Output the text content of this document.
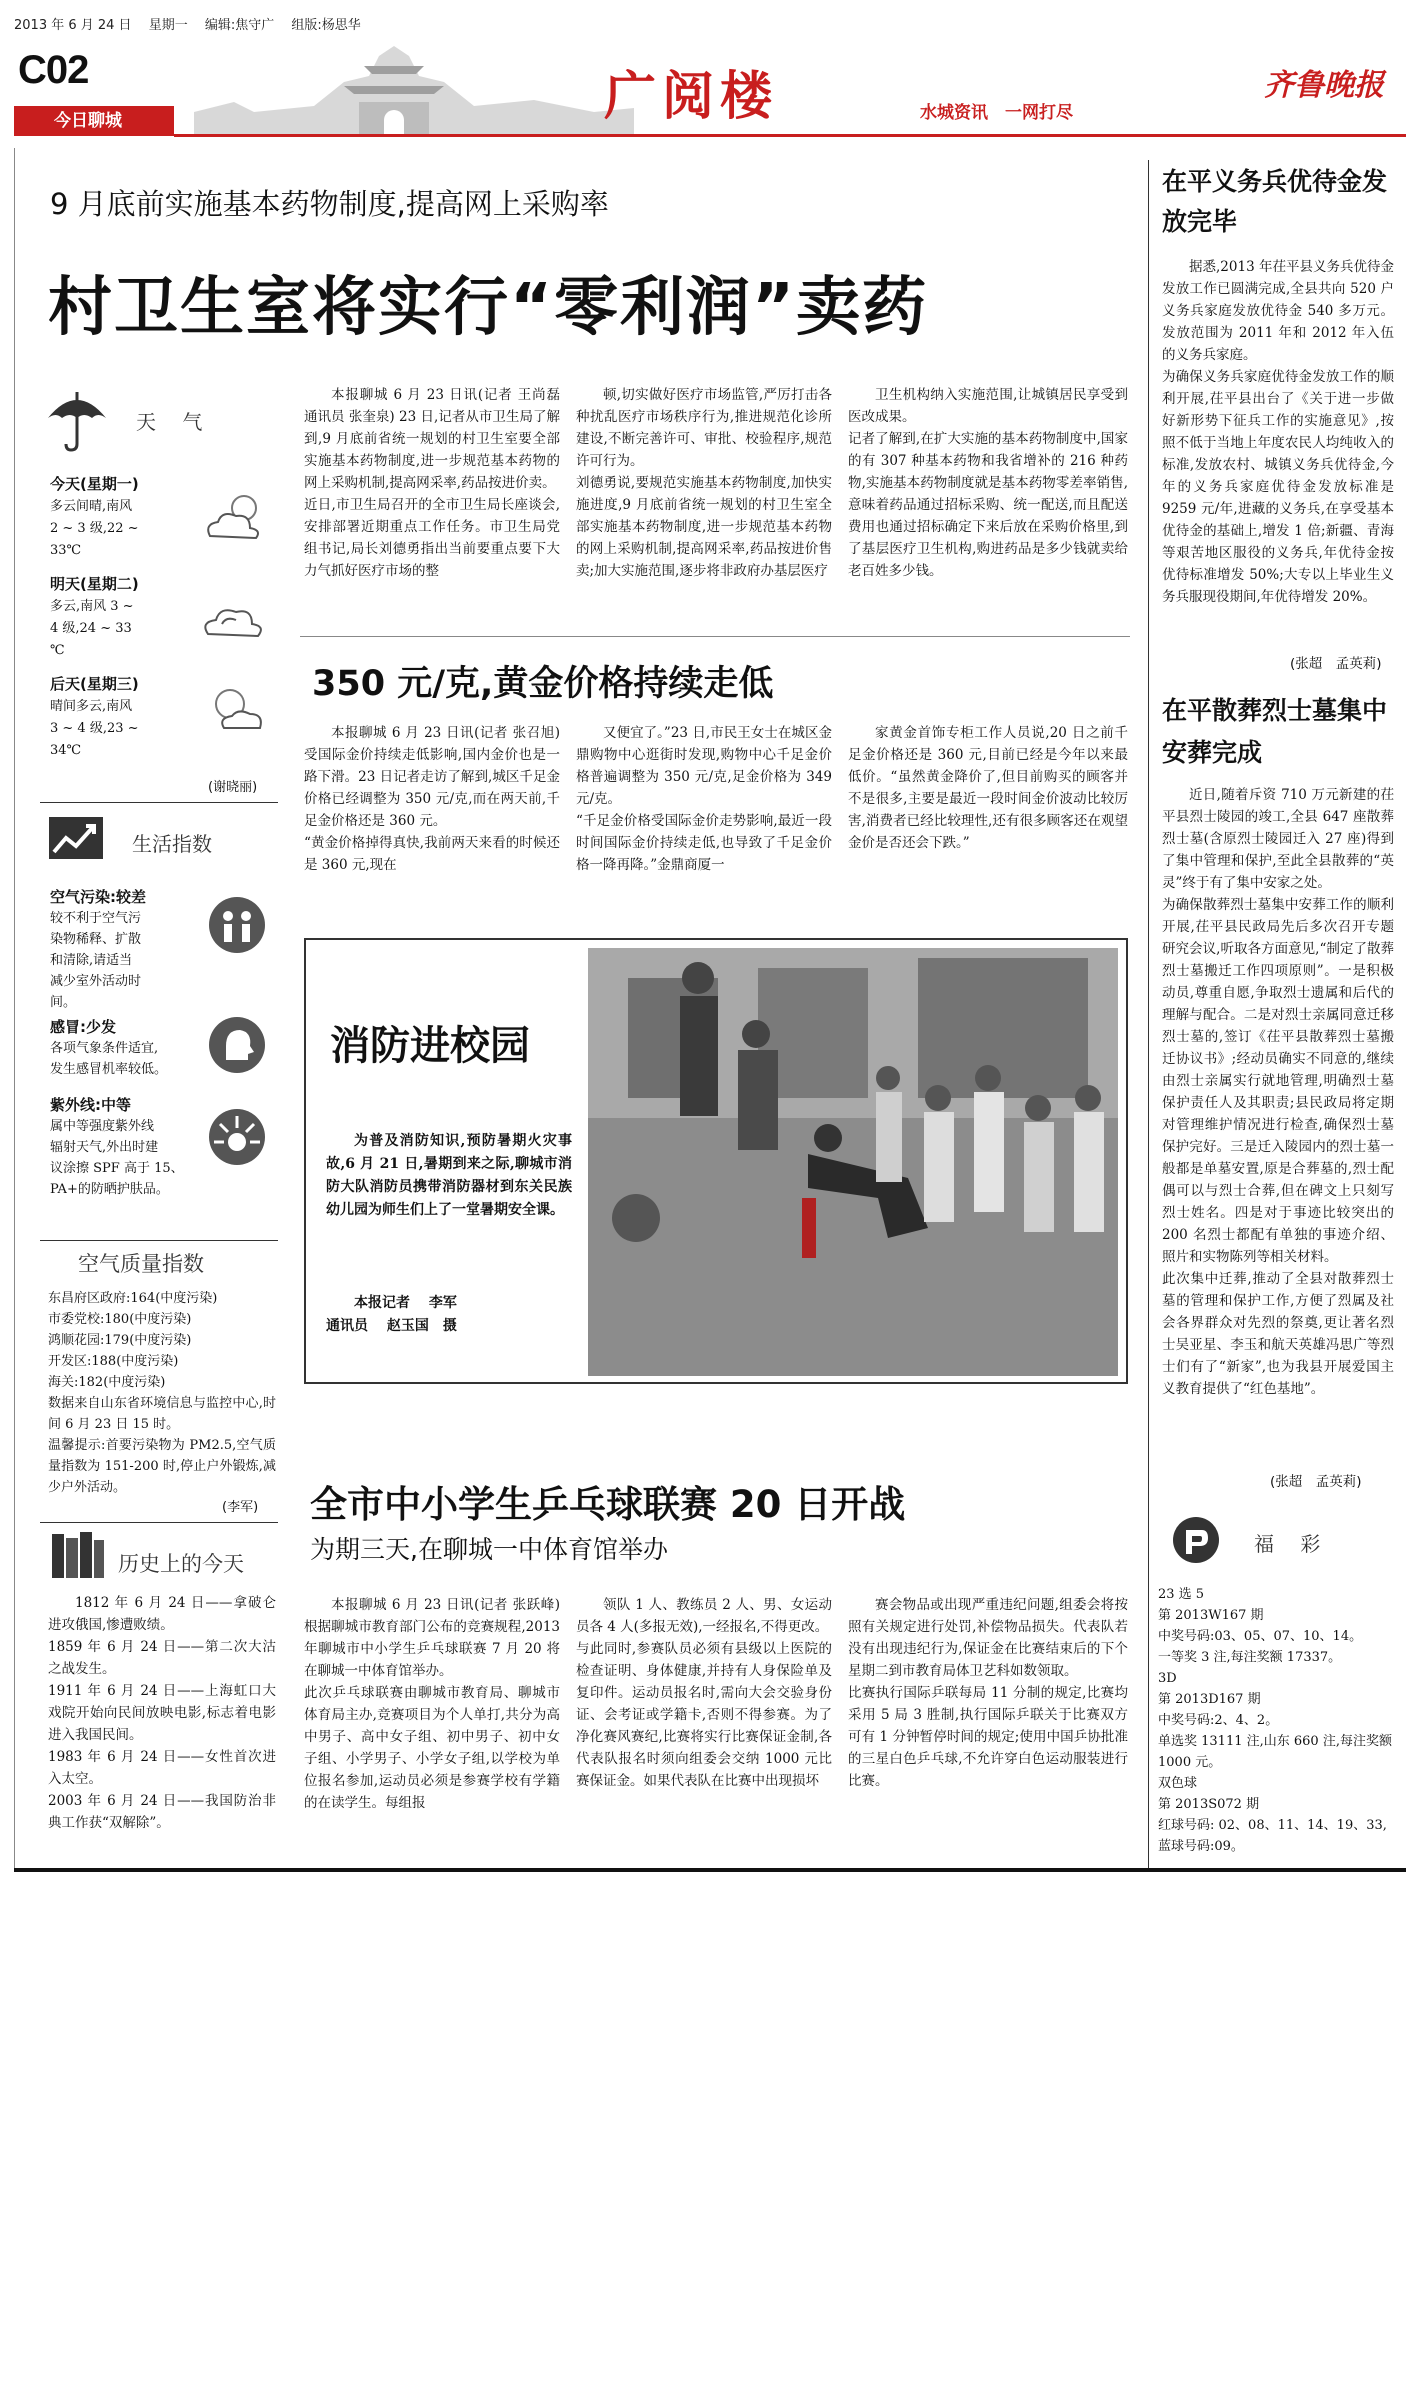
2013 年 6 月 24 日　 星期一　 编辑:焦守广　 组版:杨思华
C02
今日聊城	广阅楼	水城资讯　一网打尽
齐鲁晚报
9 月底前实施基本药物制度,提高网上采购率
村卫生室将实行“零利润”卖药
天　 气
今天(星期一)
多云间晴,南风
2 ~ 3 级,22 ~
33℃
明天(星期二)
多云,南风 3 ~
4 级,24 ~ 33
℃
后天(星期三)
晴间多云,南风
3 ~ 4 级,23 ~
34℃
(谢晓丽)
生活指数
空气污染:较差
较不利于空气污
染物稀释、扩散
和清除,请适当
减少室外活动时
间。
感冒:少发
各项气象条件适宜,
发生感冒机率较低。
紫外线:中等
属中等强度紫外线
辐射天气,外出时建
议涂擦 SPF 高于 15、
PA+的防晒护肤品。
空气质量指数
东昌府区政府:164(中度污染)
市委党校:180(中度污染)
鸿顺花园:179(中度污染)
开发区:188(中度污染)
海关:182(中度污染)
数据来自山东省环境信息与监控中心,时间 6 月 23 日 15 时。
温馨提示:首要污染物为 PM2.5,空气质量指数为 151-200 时,停止户外锻炼,减少户外活动。
(李军)
历史上的今天
1812 年 6 月 24 日——拿破仑进攻俄国,惨遭败绩。
1859 年 6 月 24 日——第二次大沽之战发生。
1911 年 6 月 24 日——上海虹口大戏院开始向民间放映电影,标志着电影进入我国民间。
1983 年 6 月 24 日——女性首次进入太空。
2003 年 6 月 24 日——我国防治非典工作获“双解除”。
本报聊城 6 月 23 日讯(记者 王尚磊 通讯员 张奎泉) 23 日,记者从市卫生局了解到,9 月底前省统一规划的村卫生室要全部实施基本药物制度,进一步规范基本药物的网上采购机制,提高网采率,药品按进价卖。
近日,市卫生局召开的全市卫生局长座谈会,安排部署近期重点工作任务。市卫生局党组书记,局长刘德勇指出当前要重点要下大力气抓好医疗市场的整
顿,切实做好医疗市场监管,严厉打击各种扰乱医疗市场秩序行为,推进规范化诊所建设,不断完善许可、审批、校验程序,规范许可行为。
刘德勇说,要规范实施基本药物制度,加快实施进度,9 月底前省统一规划的村卫生室全部实施基本药物制度,进一步规范基本药物的网上采购机制,提高网采率,药品按进价售卖;加大实施范围,逐步将非政府办基层医疗
卫生机构纳入实施范围,让城镇居民享受到医改成果。
记者了解到,在扩大实施的基本药物制度中,国家的有 307 种基本药物和我省增补的 216 种药物,实施基本药物制度就是基本药物零差率销售,意味着药品通过招标采购、统一配送,而且配送费用也通过招标确定下来后放在采购价格里,到了基层医疗卫生机构,购进药品是多少钱就卖给老百姓多少钱。
350 元/克,黄金价格持续走低
本报聊城 6 月 23 日讯(记者 张召旭) 受国际金价持续走低影响,国内金价也是一路下滑。23 日记者走访了解到,城区千足金价格已经调整为 350 元/克,而在两天前,千足金价格还是 360 元。
“黄金价格掉得真快,我前两天来看的时候还是 360 元,现在
又便宜了。”23 日,市民王女士在城区金鼎购物中心逛街时发现,购物中心千足金价格普遍调整为 350 元/克,足金价格为 349 元/克。
“千足金价格受国际金价走势影响,最近一段时间国际金价持续走低,也导致了千足金价格一降再降。”金鼎商厦一
家黄金首饰专柜工作人员说,20 日之前千足金价格还是 360 元,目前已经是今年以来最低价。“虽然黄金降价了,但目前购买的顾客并不是很多,主要是最近一段时间金价波动比较厉害,消费者已经比较理性,还有很多顾客还在观望金价是否还会下跌。”
消防进校园
为普及消防知识,预防暑期火灾事故,6 月 21 日,暑期到来之际,聊城市消防大队消防员携带消防器材到东关民族幼儿园为师生们上了一堂暑期安全课。
本报记者　 李军　通讯员　 赵玉国　摄
全市中小学生乒乓球联赛 20 日开战
为期三天,在聊城一中体育馆举办
本报聊城 6 月 23 日讯(记者 张跃峰) 根据聊城市教育部门公布的竞赛规程,2013 年聊城市中小学生乒乓球联赛 7 月 20 将在聊城一中体育馆举办。
此次乒乓球联赛由聊城市教育局、聊城市体育局主办,竞赛项目为个人单打,共分为高中男子、高中女子组、初中男子、初中女子组、小学男子、小学女子组,以学校为单位报名参加,运动员必须是参赛学校有学籍的在读学生。每组报
领队 1 人、教练员 2 人、男、女运动员各 4 人(多报无效),一经报名,不得更改。
与此同时,参赛队员必须有县级以上医院的检查证明、身体健康,并持有人身保险单及复印件。运动员报名时,需向大会交验身份证、会考证或学籍卡,否则不得参赛。为了净化赛风赛纪,比赛将实行比赛保证金制,各代表队报名时须向组委会交纳 1000 元比赛保证金。如果代表队在比赛中出现损坏
赛会物品或出现严重违纪问题,组委会将按照有关规定进行处罚,补偿物品损失。代表队若没有出现违纪行为,保证金在比赛结束后的下个星期二到市教育局体卫艺科如数领取。
比赛执行国际乒联每局 11 分制的规定,比赛均采用 5 局 3 胜制,执行国际乒联关于比赛双方可有 1 分钟暂停时间的规定;使用中国乒协批准的三星白色乒乓球,不允许穿白色运动服装进行比赛。
在平义务兵优待金发放完毕
据悉,2013 年茌平县义务兵优待金发放工作已圆满完成,全县共向 520 户义务兵家庭发放优待金 540 多万元。发放范围为 2011 年和 2012 年入伍的义务兵家庭。
为确保义务兵家庭优待金发放工作的顺利开展,茌平县出台了《关于进一步做好新形势下征兵工作的实施意见》,按照不低于当地上年度农民人均纯收入的标准,发放农村、城镇义务兵优待金,今年的义务兵家庭优待金发放标准是 9259 元/年,进藏的义务兵,在享受基本优待金的基础上,增发 1 倍;新疆、青海等艰苦地区服役的义务兵,年优待金按优待标准增发 50%;大专以上毕业生义务兵服现役期间,年优待增发 20%。
(张超　孟英莉)
在平散葬烈士墓集中安葬完成
近日,随着斥资 710 万元新建的茌平县烈士陵园的竣工,全县 647 座散葬烈士墓(含原烈士陵园迁入 27 座)得到了集中管理和保护,至此全县散葬的“英灵”终于有了集中安家之处。
为确保散葬烈士墓集中安葬工作的顺利开展,茌平县民政局先后多次召开专题研究会议,听取各方面意见,“制定了散葬烈士墓搬迁工作四项原则”。一是积极动员,尊重自愿,争取烈士遗属和后代的理解与配合。二是对烈士亲属同意迁移烈士墓的,签订《茌平县散葬烈士墓搬迁协议书》;经动员确实不同意的,继续由烈士亲属实行就地管理,明确烈士墓保护责任人及其职责;县民政局将定期对管理维护情况进行检查,确保烈士墓保护完好。三是迁入陵园内的烈士墓一般都是单墓安置,原是合葬墓的,烈士配偶可以与烈士合葬,但在碑文上只刻写烈士姓名。四是对于事迹比较突出的 200 名烈士都配有单独的事迹介绍、照片和实物陈列等相关材料。
此次集中迁葬,推动了全县对散葬烈士墓的管理和保护工作,方便了烈属及社会各界群众对先烈的祭奠,更让著名烈士吴亚星、李玉和航天英雄冯思广等烈士们有了“新家”,也为我县开展爱国主义教育提供了“红色基地”。
(张超　孟英莉)
福　 彩
23 选 5
第 2013W167 期
中奖号码:03、05、07、10、14。
一等奖 3 注,每注奖额 17337。
3D
第 2013D167 期
中奖号码:2、4、2。
单选奖 13111 注,山东 660 注,每注奖额 1000 元。
双色球
第 2013S072 期
红球号码: 02、08、11、14、19、33,蓝球号码:09。
